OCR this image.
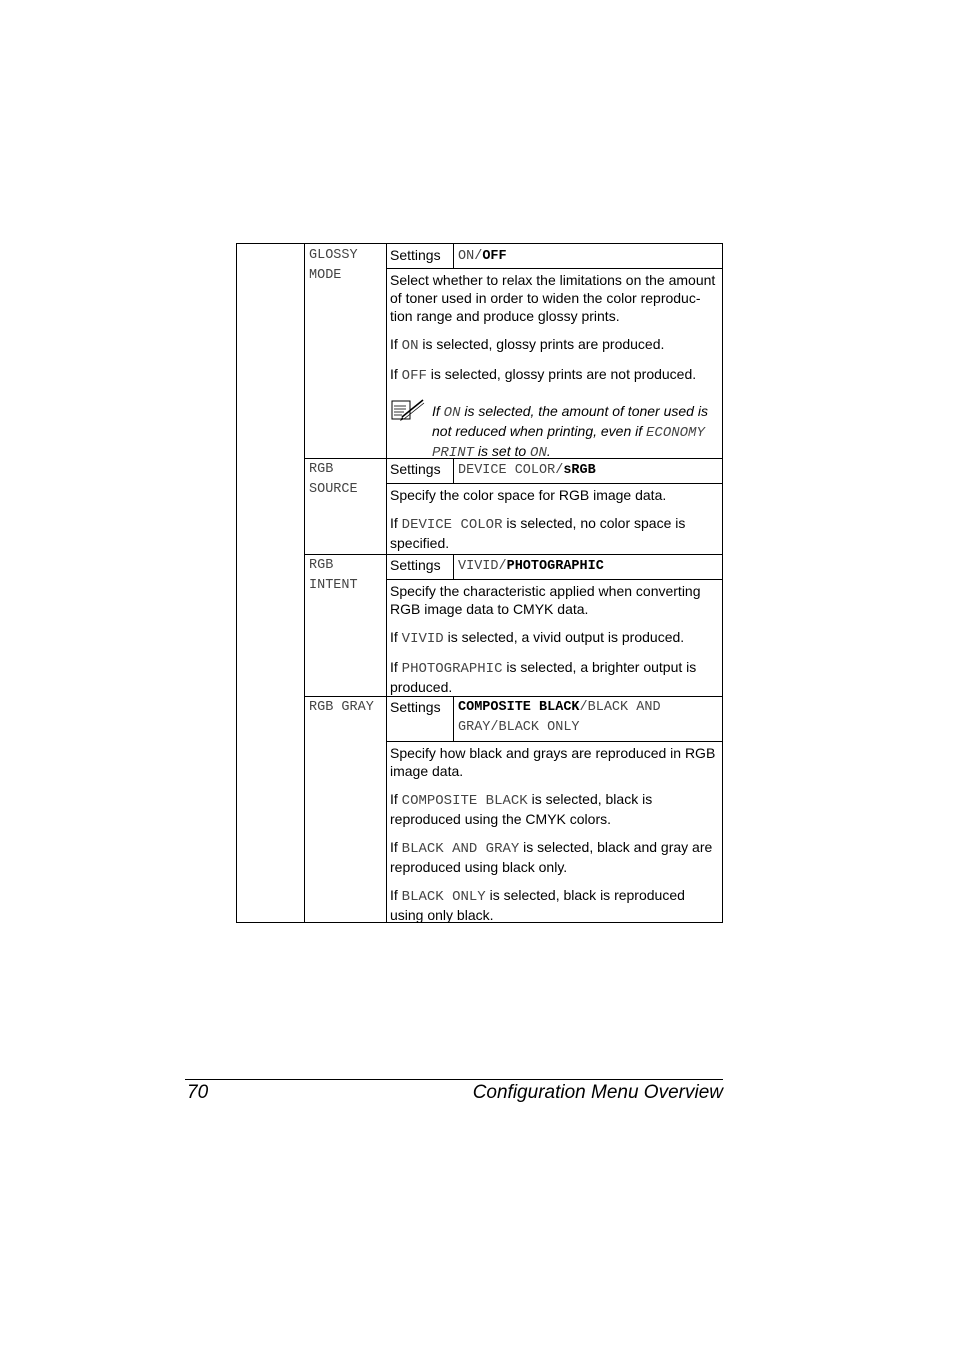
GLOSSY
MODE
Settings ON/OFF

Select whether to relax the limitations on the amount of toner used in order to widen the color reproduc-tion range and produce glossy prints.

If ON is selected, glossy prints are produced.

If OFF is selected, glossy prints are not produced.

If ON is selected, the amount of toner used is not reduced when printing, even if ECONOMY PRINT is set to ON.
RGB
SOURCE
Settings DEVICE COLOR/sRGB

Specify the color space for RGB image data.

If DEVICE COLOR is selected, no color space is specified.

RGB
INTENT
Settings VIVID/PHOTOGRAPHIC

Specify the characteristic applied when converting RGB image data to CMYK data.

If VIVID is selected, a vivid output is produced.

If PHOTOGRAPHIC is selected, a brighter output is produced.

RGB GRAY Settings COMPOSITE BLACK/BLACK AND GRAY/BLACK ONLY

Specify how black and grays are reproduced in RGB image data.

If COMPOSITE BLACK is selected, black is reproduced using the CMYK colors.

If BLACK AND GRAY is selected, black and gray are reproduced using black only.

If BLACK ONLY is selected, black is reproduced using only black.

70	Configuration Menu Overview
